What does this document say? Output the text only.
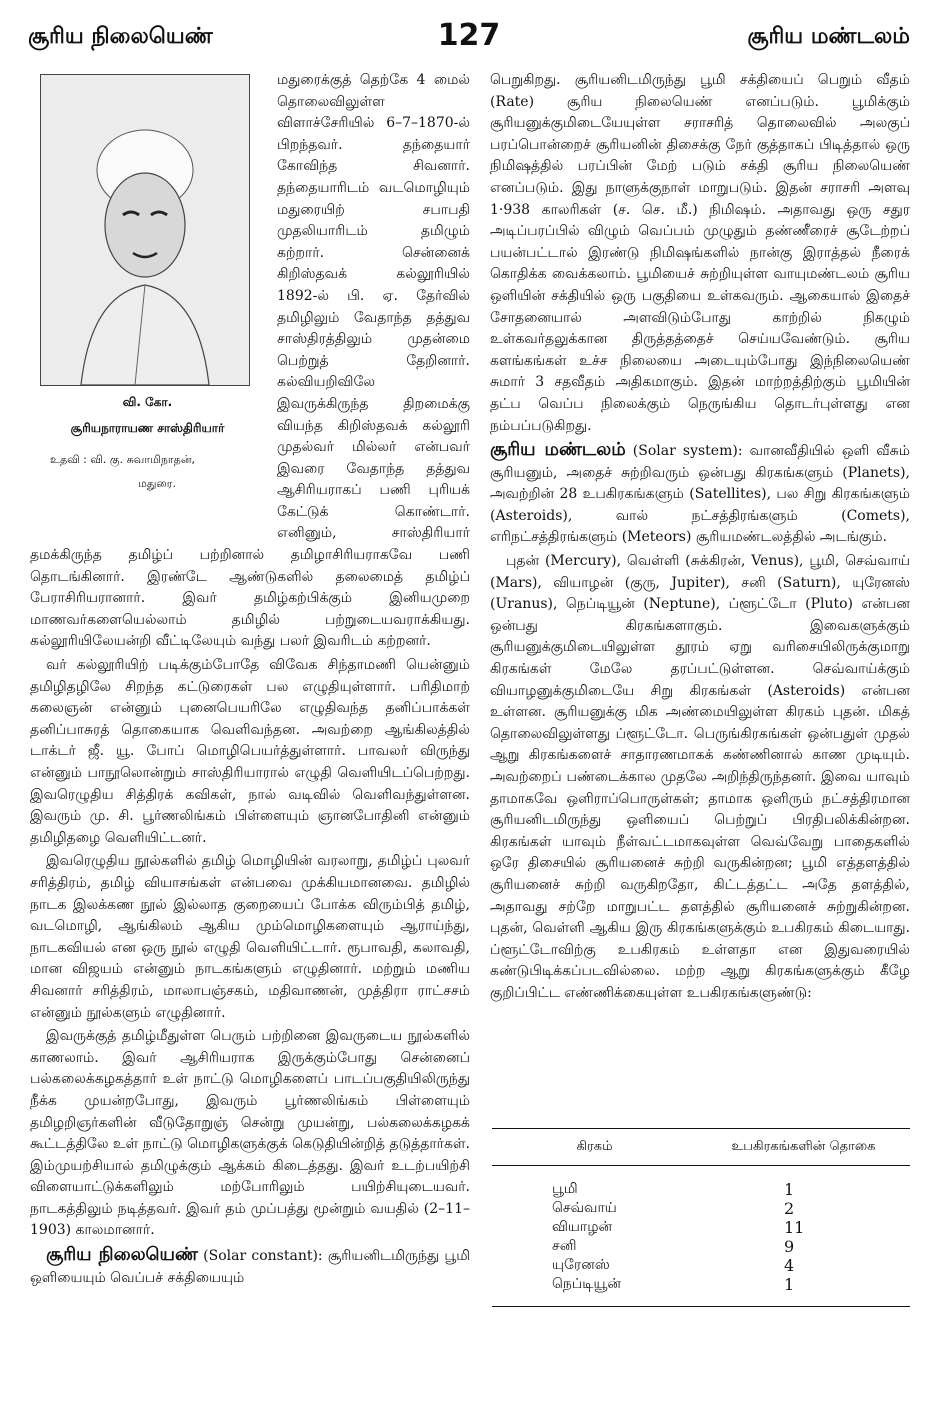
சூரிய நிலையெண்	127	சூரிய மண்டலம்

வி. கோ.
சூரியநாராயண சாஸ்திரியார்
உதவி : வி. கு. சுவாமிநாதன்,
மதுரை.

மதுரைக்குத் தெற்கே 4 மைல் தொலைவிலுள்ள விளாச்சேரியில் 6–7–1870-ல் பிறந்தவர். தந்தையார் கோவிந்த சிவனார். தந்தையாரிடம் வடமொழியும் மதுரையிற் சபாபதி முதலியாரிடம் தமிழும் கற்றார். சென்னைக் கிறிஸ்தவக் கல்லூரியில் 1892-ல் பி. ஏ. தேர்வில் தமிழிலும் வேதாந்த தத்துவ சாஸ்திரத்திலும் முதன்மை பெற்றுத் தேறினார். கல்வியறிவிலே இவருக்கிருந்த திறமைக்கு வியந்த கிறிஸ்தவக் கல்லூரி முதல்வர் மில்லர் என்பவர் இவரை வேதாந்த தத்துவ ஆசிரியராகப் பணி புரியக் கேட்டுக் கொண்டார். எனினும், சாஸ்திரியார் தமக்கிருந்த தமிழ்ப் பற்றினால் தமிழாசிரியராகவே பணி தொடங்கினார். இரண்டே ஆண்டுகளில் தலைமைத் தமிழ்ப் பேராசிரியரானார். இவர் தமிழ்கற்பிக்கும் இனியமுறை மாணவர்களையெல்லாம் தமிழில் பற்றுடையவராக்கியது. கல்லூரியிலேயன்றி வீட்டிலேயும் வந்து பலர் இவரிடம் கற்றனர்.

வர் கல்லூரியிற் படிக்கும்போதே விவேக சிந்தாமணி யென்னும் தமிழிதழிலே சிறந்த கட்டுரைகள் பல எழுதியுள்ளார். பரிதிமாற் கலைஞன் என்னும் புனைபெயரிலே எழுதிவந்த தனிப்பாக்கள் தனிப்பாசுரத் தொகையாக வெளிவந்தன. அவற்றை ஆங்கிலத்தில் டாக்டர் ஜீ. யூ. போப் மொழிபெயர்த்துள்ளார். பாவலர் விருந்து என்னும் பாநூலொன்றும் சாஸ்திரியாரால் எழுதி வெளியிடப்பெற்றது. இவரெழுதிய சித்திரக் கவிகள், நால் வடிவில் வெளிவந்துள்ளன. இவரும் மு. சி. பூர்ணலிங்கம் பிள்ளையும் ஞானபோதினி என்னும் தமிழிதழை வெளியிட்டனர்.

இவரெழுதிய நூல்களில் தமிழ் மொழியின் வரலாறு, தமிழ்ப் புலவர் சரித்திரம், தமிழ் வியாசங்கள் என்பவை முக்கியமானவை. தமிழில் நாடக இலக்கண நூல் இல்லாத குறையைப் போக்க விரும்பித் தமிழ், வடமொழி, ஆங்கிலம் ஆகிய மும்மொழிகளையும் ஆராய்ந்து, நாடகவியல் என ஒரு நூல் எழுதி வெளியிட்டார். ரூபாவதி, கலாவதி, மான விஜயம் என்னும் நாடகங்களும் எழுதினார். மற்றும் மணிய சிவனார் சரித்திரம், மாலாபஞ்சகம், மதிவாணன், முத்திரா ராட்சசம் என்னும் நூல்களும் எழுதினார்.

இவருக்குத் தமிழ்மீதுள்ள பெரும் பற்றினை இவருடைய நூல்களில் காணலாம். இவர் ஆசிரியராக இருக்கும்போது சென்னைப் பல்கலைக்கழகத்தார் உள் நாட்டு மொழிகளைப் பாடப்பகுதியிலிருந்து நீக்க முயன்றபோது, இவரும் பூர்ணலிங்கம் பிள்ளையும் தமிழறிஞர்களின் வீடுதோறுஞ் சென்று முயன்று, பல்கலைக்கழகக் கூட்டத்திலே உள் நாட்டு மொழிகளுக்குக் கெடுதியின்றித் தடுத்தார்கள். இம்முயற்சியால் தமிழுக்கும் ஆக்கம் கிடைத்தது. இவர் உடற்பயிற்சி விளையாட்டுக்களிலும் மற்போரிலும் பயிற்சியுடையவர். நாடகத்திலும் நடித்தவர். இவர் தம் முப்பத்து மூன்றும் வயதில் (2–11–1903) காலமானார்.

சூரிய நிலையெண் (Solar constant): சூரியனிடமிருந்து பூமி ஒளியையும் வெப்பச் சக்தியையும்

பெறுகிறது. சூரியனிடமிருந்து பூமி சக்தியைப் பெறும் வீதம் (Rate) சூரிய நிலையெண் எனப்படும். பூமிக்கும் சூரியனுக்குமிடையேயுள்ள சராசரித் தொலைவில் அலகுப் பரப்பொன்றைச் சூரியனின் திசைக்கு நேர் குத்தாகப் பிடித்தால் ஒரு நிமிஷத்தில் பரப்பின் மேற் படும் சக்தி சூரிய நிலையெண் எனப்படும். இது நாளுக்குநாள் மாறுபடும். இதன் சராசரி அளவு 1·938 காலரிகள் (ச. செ. மீ.) நிமிஷம். அதாவது ஒரு சதுர அடிப்பரப்பில் விழும் வெப்பம் முழுதும் தண்ணீரைச் சூடேற்றப் பயன்பட்டால் இரண்டு நிமிஷங்களில் நான்கு இராத்தல் நீரைக் கொதிக்க வைக்கலாம். பூமியைச் சுற்றியுள்ள வாயுமண்டலம் சூரிய ஒளியின் சக்தியில் ஒரு பகுதியை உள்கவரும். ஆகையால் இதைச் சோதனையால் அளவிடும்போது காற்றில் நிகழும் உள்கவர்தலுக்கான திருத்தத்தைச் செய்யவேண்டும். சூரிய களங்கங்கள் உச்ச நிலையை அடையும்போது இந்நிலையெண் சுமார் 3 சதவீதம் அதிகமாகும். இதன் மாற்றத்திற்கும் பூமியின் தட்ப வெப்ப நிலைக்கும் நெருங்கிய தொடர்புள்ளது என நம்பப்படுகிறது.

சூரிய மண்டலம் (Solar system): வானவீதியில் ஒளி வீசும் சூரியனும், அதைச் சுற்றிவரும் ஒன்பது கிரகங்களும் (Planets), அவற்றின் 28 உபகிரகங்களும் (Satellites), பல சிறு கிரகங்களும் (Asteroids), வால் நட்சத்திரங்களும் (Comets), எரிநட்சத்திரங்களும் (Meteors) சூரியமண்டலத்தில் அடங்கும்.

புதன் (Mercury), வெள்ளி (சுக்கிரன், Venus), பூமி, செவ்வாய் (Mars), வியாழன் (குரு, Jupiter), சனி (Saturn), யுரேனஸ் (Uranus), நெப்டியூன் (Neptune), ப்ளூட்டோ (Pluto) என்பன ஒன்பது கிரகங்களாகும். இவைகளுக்கும் சூரியனுக்குமிடையிலுள்ள தூரம் ஏறு வரிசையிலிருக்குமாறு கிரகங்கள் மேலே தரப்பட்டுள்ளன. செவ்வாய்க்கும் வியாழனுக்குமிடையே சிறு கிரகங்கள் (Asteroids) என்பன உள்ளன. சூரியனுக்கு மிக அண்மையிலுள்ள கிரகம் புதன். மிகத் தொலைவிலுள்ளது ப்ளூட்டோ. பெருங்கிரகங்கள் ஒன்பதுள் முதல் ஆறு கிரகங்களைச் சாதாரணமாகக் கண்ணினால் காண முடியும். அவற்றைப் பண்டைக்கால முதலே அறிந்திருந்தனர். இவை யாவும் தாமாகவே ஒளிராப்பொருள்கள்; தாமாக ஒளிரும் நட்சத்திரமான சூரியனிடமிருந்து ஒளியைப் பெற்றுப் பிரதிபலிக்கின்றன. கிரகங்கள் யாவும் நீள்வட்டமாகவுள்ள வெவ்வேறு பாதைகளில் ஒரே திசையில் சூரியனைச் சுற்றி வருகின்றன; பூமி எத்தளத்தில் சூரியனைச் சுற்றி வருகிறதோ, கிட்டத்தட்ட அதே தளத்தில், அதாவது சற்றே மாறுபட்ட தளத்தில் சூரியனைச் சுற்றுகின்றன. புதன், வெள்ளி ஆகிய இரு கிரகங்களுக்கும் உபகிரகம் கிடையாது. ப்ளூட்டோவிற்கு உபகிரகம் உள்ளதா என இதுவரையில் கண்டுபிடிக்கப்படவில்லை. மற்ற ஆறு கிரகங்களுக்கும் கீழே குறிப்பிட்ட எண்ணிக்கையுள்ள உபகிரகங்களுண்டு:

கிரகம்	உபகிரகங்களின் தொகை
பூமி	1
செவ்வாய்	2
வியாழன்	11
சனி	9
யுரேனஸ்	4
நெப்டியூன்	1
